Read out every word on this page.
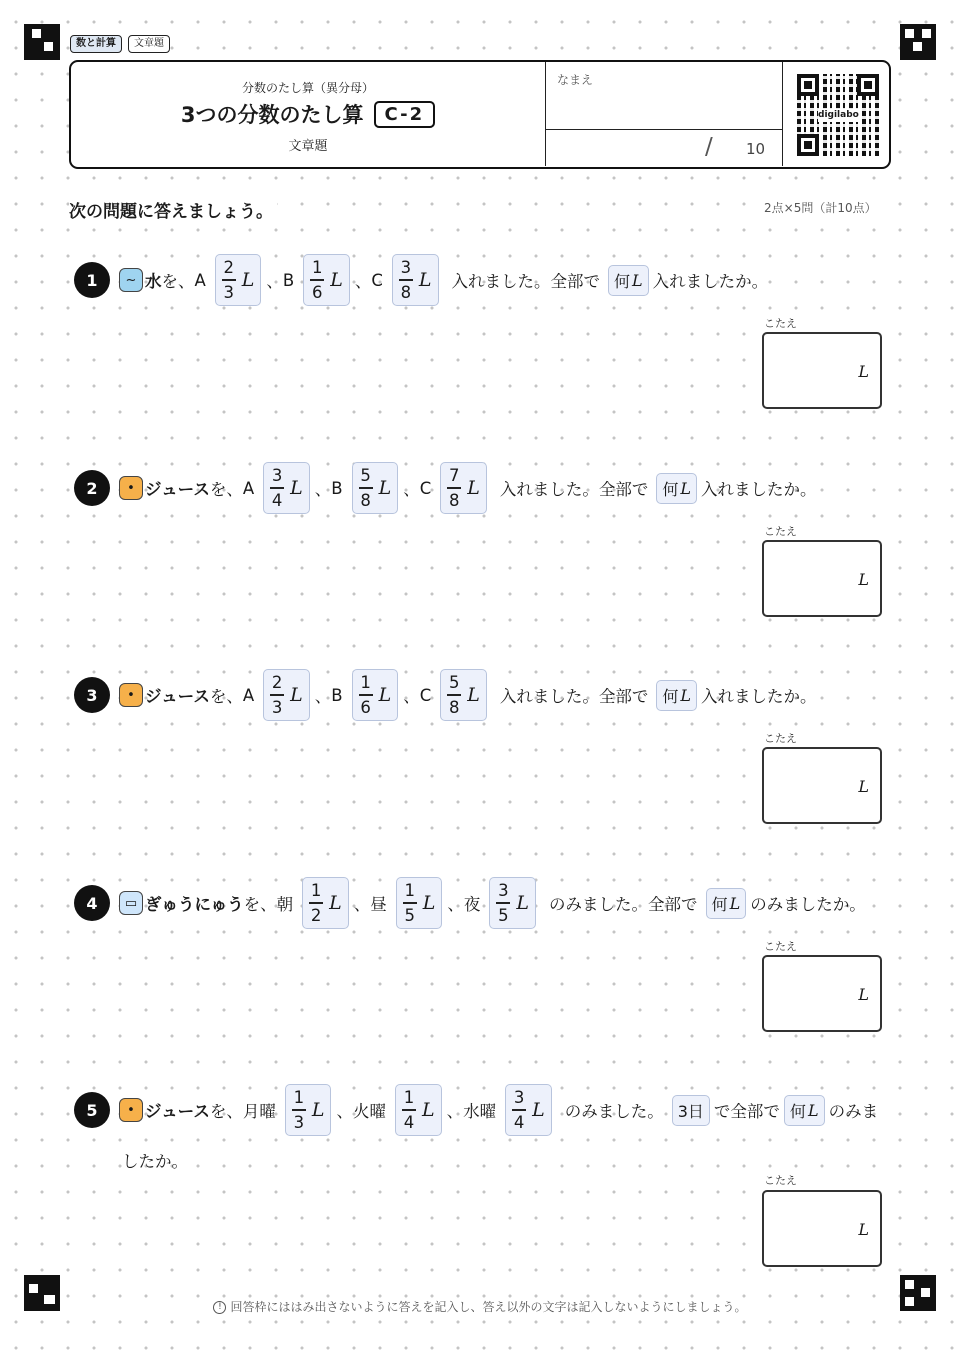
数と計算	文章題
分数のたし算（異分母）
3つの分数のたし算	C-2
文章題
なまえ
/ 10
digilabo
次の問題に答えましょう。	2点×5問（計10点）
1	~ 水 を、 A $\frac{2}{3}$ L 、 B $\frac{1}{6}$ L 、 C $\frac{3}{8}$ L 入れました。全部で 何 L 入れましたか。
こたえ
L
2	• ジュース を、 A $\frac{3}{4}$ L 、 B $\frac{5}{8}$ L 、 C $\frac{7}{8}$ L 入れました。全部で 何 L 入れましたか。
こたえ
L
3	• ジュース を、 A $\frac{2}{3}$ L 、 B $\frac{1}{6}$ L 、 C $\frac{5}{8}$ L 入れました。全部で 何 L 入れましたか。
こたえ
L
4	▭ ぎゅうにゅう を、 朝 $\frac{1}{2}$ L 、 昼 $\frac{1}{5}$ L 、 夜 $\frac{3}{5}$ L のみました。全部で 何 L のみましたか。
こたえ
L
5	• ジュース を、 月曜 $\frac{1}{3}$ L 、 火曜 $\frac{1}{4}$ L 、 水曜 $\frac{3}{4}$ L のみました。 3日 で全部で 何 L のみま
したか。
こたえ
L
! 回答枠にははみ出さないように答えを記入し、答え以外の文字は記入しないようにしましょう。
